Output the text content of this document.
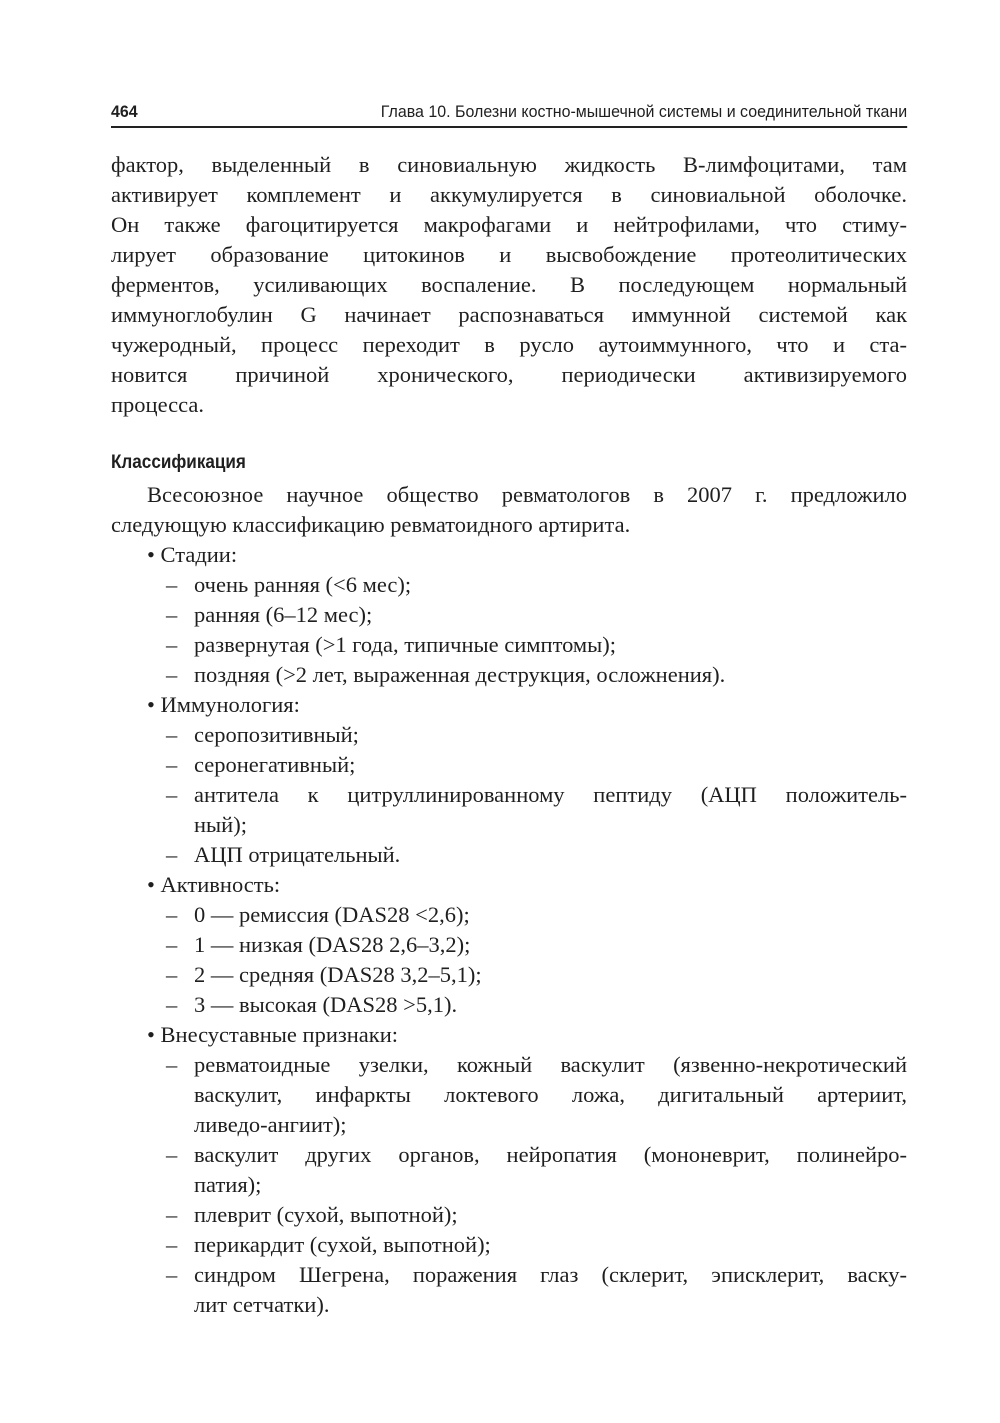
464	Глава 10. Болезни костно-мышечной системы и соединительной ткани
фактор, выделенный в синовиальную жидкость В-лимфоцитами, там
активирует комплемент и аккумулируется в синовиальной оболочке.
Он также фагоцитируется макрофагами и нейтрофилами, что стиму-
лирует образование цитокинов и высвобождение протеолитических
ферментов, усиливающих воспаление. В последующем нормальный
иммуноглобулин G начинает распознаваться иммунной системой как
чужеродный, процесс переходит в русло аутоиммунного, что и ста-
новится причиной хронического, периодически активизируемого
процесса.
Классификация
Всесоюзное научное общество ревматологов в 2007 г. предложило
следующую классификацию ревматоидного артирита.
• Стадии:
– очень ранняя (<6 мес);
– ранняя (6–12 мес);
– развернутая (>1 года, типичные симптомы);
– поздняя (>2 лет, выраженная деструкция, осложнения).
• Иммунология:
– серопозитивный;
– серонегативный;
– антитела к цитруллинированному пептиду (АЦП положитель-
ный);
– АЦП отрицательный.
• Активность:
– 0 — ремиссия (DAS28 <2,6);
– 1 — низкая (DAS28 2,6–3,2);
– 2 — средняя (DAS28 3,2–5,1);
– 3 — высокая (DAS28 >5,1).
• Внесуставные признаки:
– ревматоидные узелки, кожный васкулит (язвенно-некротический
васкулит, инфаркты локтевого ложа, дигитальный артериит,
ливедо-ангиит);
– васкулит других органов, нейропатия (мононеврит, полинейро-
патия);
– плеврит (сухой, выпотной);
– перикардит (сухой, выпотной);
– синдром Шегрена, поражения глаз (склерит, эписклерит, васку-
лит сетчатки).
